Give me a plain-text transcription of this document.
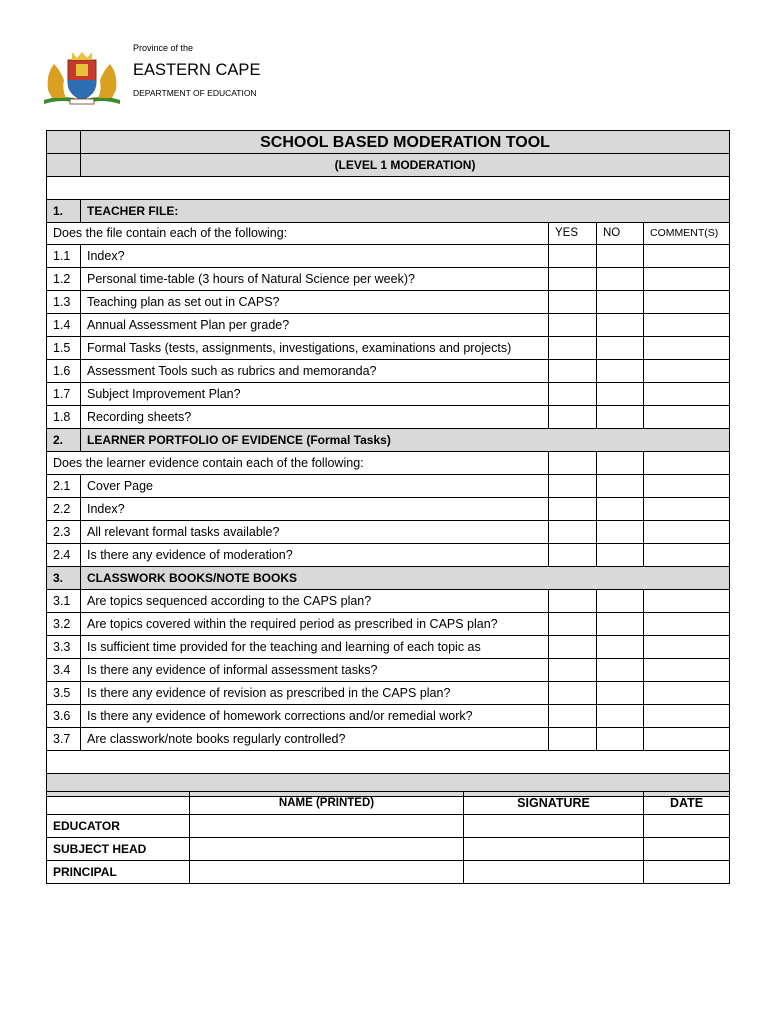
Province of the
EASTERN CAPE
DEPARTMENT OF EDUCATION
	SCHOOL BASED MODERATION TOOL			
	(LEVEL 1 MODERATION)			

1.	TEACHER FILE:			
Does the file contain each of the following:		YES	NO	COMMENT(S)
1.1	Index?			
1.2	Personal time-table (3 hours of Natural Science per week)?			
1.3	Teaching plan as set out in CAPS?			
1.4	Annual Assessment Plan per grade?			
1.5	Formal Tasks (tests, assignments, investigations, examinations and projects)			
1.6	Assessment Tools such as rubrics and memoranda?			
1.7	Subject Improvement Plan?			
1.8	Recording sheets?			
2.	LEARNER PORTFOLIO OF EVIDENCE (Formal Tasks)			
Does the learner evidence contain each of the following:				
2.1	Cover Page			
2.2	Index?			
2.3	All relevant formal tasks available?			
2.4	Is there any evidence of moderation?			
3.	CLASSWORK BOOKS/NOTE BOOKS			
3.1	Are topics sequenced according to the CAPS plan?			
3.2	Are topics covered within the required period as prescribed in CAPS plan?			
3.3	Is sufficient time provided for the teaching and learning of each topic as			
3.4	Is there any evidence of informal assessment tasks?			
3.5	Is there any evidence of revision as prescribed in the CAPS plan?			
3.6	Is there any evidence of homework corrections and/or remedial work?			
3.7	Are classwork/note books regularly controlled?			

	NAME (PRINTED)	SIGNATURE	DATE
EDUCATOR			
SUBJECT HEAD			
PRINCIPAL			
